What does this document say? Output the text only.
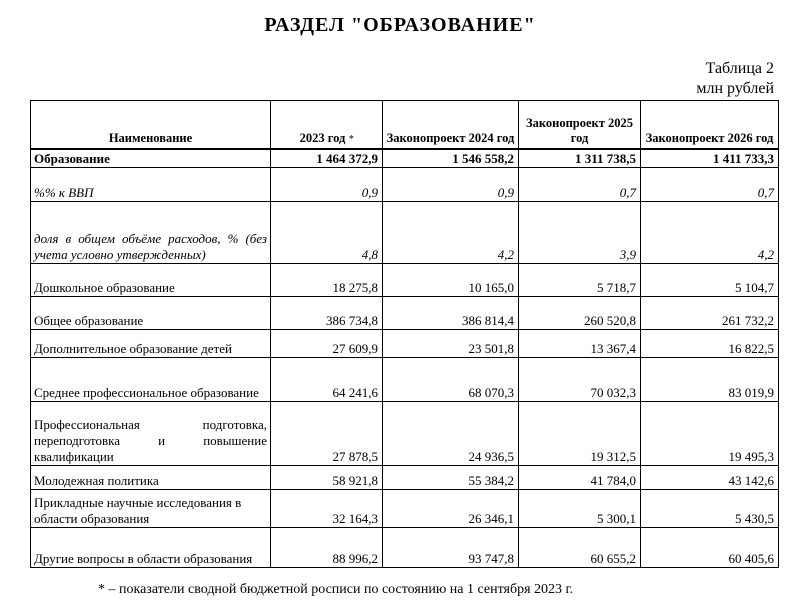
РАЗДЕЛ "ОБРАЗОВАНИЕ"
Таблица 2
млн рублей
Наименование	2023 год *	Законопроект 2024 год	Законопроект 2025 год	Законопроект 2026 год
Образование	1 464 372,9	1 546 558,2	1 311 738,5	1 411 733,3
%% к ВВП	0,9	0,9	0,7	0,7
доля в общем объёме расходов, % (без учета условно утвержденных)	4,8	4,2	3,9	4,2
Дошкольное образование	18 275,8	10 165,0	5 718,7	5 104,7
Общее образование	386 734,8	386 814,4	260 520,8	261 732,2
Дополнительное образование детей	27 609,9	23 501,8	13 367,4	16 822,5
Среднее профессиональное образование	64 241,6	68 070,3	70 032,3	83 019,9
Профессиональная подготовка, переподготовка и повышение квалификации	27 878,5	24 936,5	19 312,5	19 495,3
Молодежная политика	58 921,8	55 384,2	41 784,0	43 142,6
Прикладные научные исследования в области образования	32 164,3	26 346,1	5 300,1	5 430,5
Другие вопросы в области образования	88 996,2	93 747,8	60 655,2	60 405,6
* – показатели сводной бюджетной росписи по состоянию на 1 сентября 2023 г.
